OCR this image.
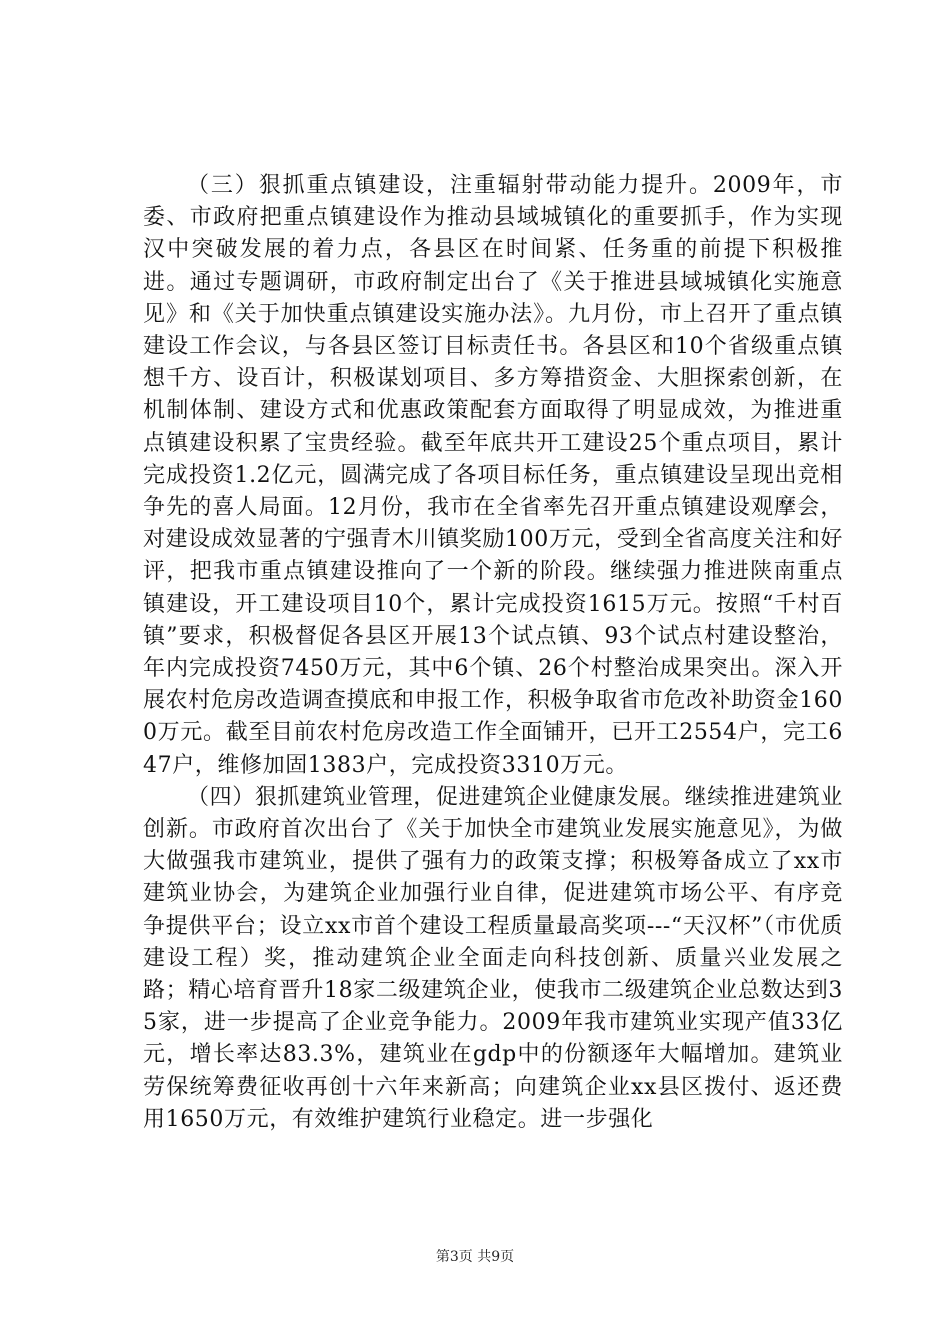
（三）狠抓重点镇建设，注重辐射带动能力提升。2009年，市委、市政府把重点镇建设作为推动县域城镇化的重要抓手，作为实现汉中突破发展的着力点，各县区在时间紧、任务重的前提下积极推进。通过专题调研，市政府制定出台了《关于推进县域城镇化实施意见》和《关于加快重点镇建设实施办法》。九月份，市上召开了重点镇建设工作会议，与各县区签订目标责任书。各县区和10个省级重点镇想千方、设百计，积极谋划项目、多方筹措资金、大胆探索创新，在机制体制、建设方式和优惠政策配套方面取得了明显成效，为推进重点镇建设积累了宝贵经验。截至年底共开工建设25个重点项目，累计完成投资1.2亿元，圆满完成了各项目标任务，重点镇建设呈现出竞相争先的喜人局面。12月份，我市在全省率先召开重点镇建设观摩会，对建设成效显著的宁强青木川镇奖励100万元，受到全省高度关注和好评，把我市重点镇建设推向了一个新的阶段。继续强力推进陕南重点镇建设，开工建设项目10个，累计完成投资1615万元。按照“千村百镇”要求，积极督促各县区开展13个试点镇、93个试点村建设整治，年内完成投资7450万元，其中6个镇、26个村整治成果突出。深入开展农村危房改造调查摸底和申报工作，积极争取省市危改补助资金1600万元。截至目前农村危房改造工作全面铺开，已开工2554户，完工647户，维修加固1383户，完成投资3310万元。

（四）狠抓建筑业管理，促进建筑企业健康发展。继续推进建筑业创新。市政府首次出台了《关于加快全市建筑业发展实施意见》，为做大做强我市建筑业，提供了强有力的政策支撑；积极筹备成立了xx市建筑业协会，为建筑企业加强行业自律，促进建筑市场公平、有序竞争提供平台；设立xx市首个建设工程质量最高奖项---“天汉杯”（市优质建设工程）奖，推动建筑企业全面走向科技创新、质量兴业发展之路；精心培育晋升18家二级建筑企业，使我市二级建筑企业总数达到35家，进一步提高了企业竞争能力。2009年我市建筑业实现产值33亿元，增长率达83.3%，建筑业在gdp中的份额逐年大幅增加。建筑业劳保统筹费征收再创十六年来新高；向建筑企业xx县区拨付、返还费用1650万元，有效维护建筑行业稳定。进一步强化

第3页 共9页
